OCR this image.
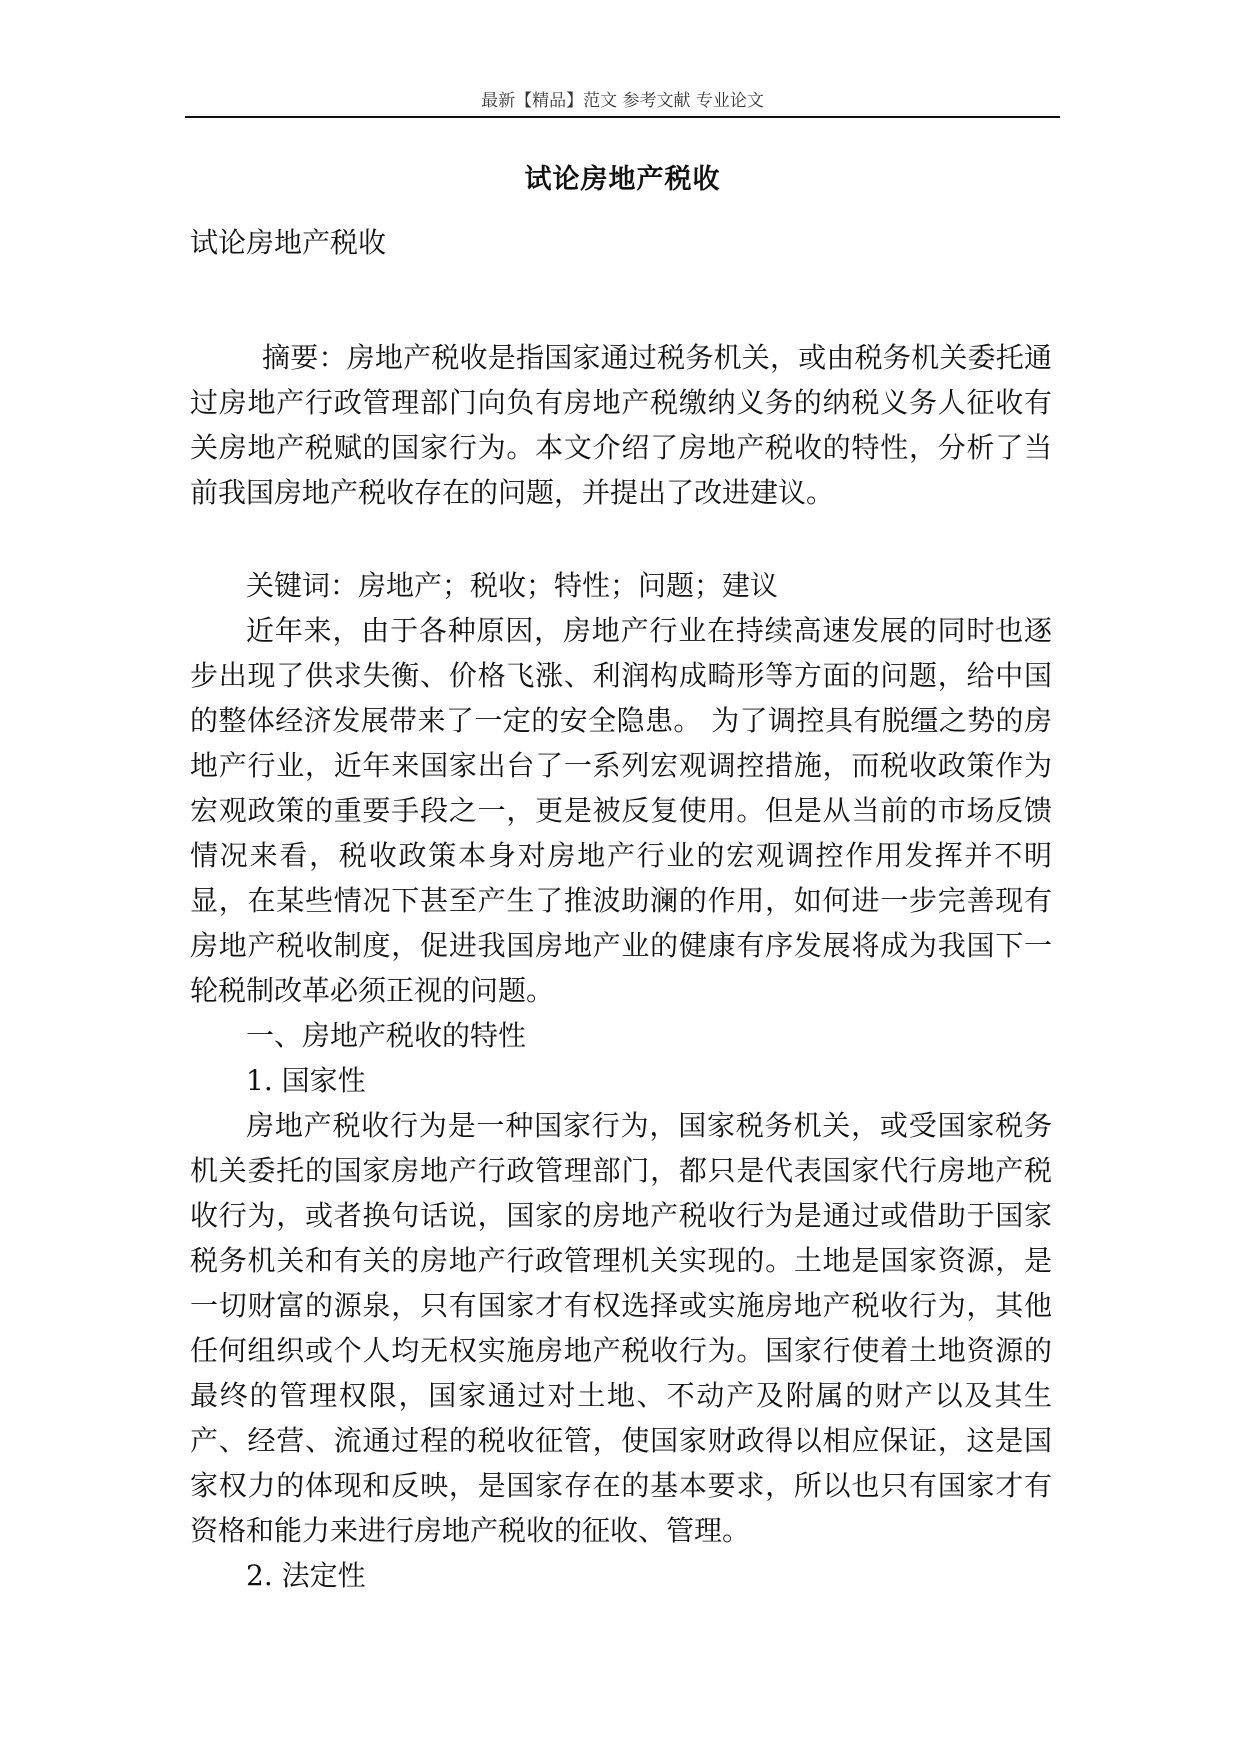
最新【精品】范文 参考文献 专业论文
试论房地产税收

试论房地产税收

摘要：房地产税收是指国家通过税务机关，或由税务机关委托通过房地产行政管理部门向负有房地产税缴纳义务的纳税义务人征收有关房地产税赋的国家行为。本文介绍了房地产税收的特性，分析了当前我国房地产税收存在的问题，并提出了改进建议。

关键词：房地产；税收；特性；问题；建议

近年来，由于各种原因，房地产行业在持续高速发展的同时也逐步出现了供求失衡、价格飞涨、利润构成畸形等方面的问题，给中国的整体经济发展带来了一定的安全隐患。 为了调控具有脱缰之势的房地产行业，近年来国家出台了一系列宏观调控措施，而税收政策作为宏观政策的重要手段之一，更是被反复使用。但是从当前的市场反馈情况来看，税收政策本身对房地产行业的宏观调控作用发挥并不明显，在某些情况下甚至产生了推波助澜的作用，如何进一步完善现有房地产税收制度，促进我国房地产业的健康有序发展将成为我国下一轮税制改革必须正视的问题。

一、房地产税收的特性

1. 国家性

房地产税收行为是一种国家行为，国家税务机关，或受国家税务机关委托的国家房地产行政管理部门，都只是代表国家代行房地产税收行为，或者换句话说，国家的房地产税收行为是通过或借助于国家税务机关和有关的房地产行政管理机关实现的。土地是国家资源，是一切财富的源泉，只有国家才有权选择或实施房地产税收行为，其他任何组织或个人均无权实施房地产税收行为。国家行使着土地资源的最终的管理权限，国家通过对土地、不动产及附属的财产以及其生产、经营、流通过程的税收征管，使国家财政得以相应保证，这是国家权力的体现和反映，是国家存在的基本要求，所以也只有国家才有资格和能力来进行房地产税收的征收、管理。

2. 法定性
